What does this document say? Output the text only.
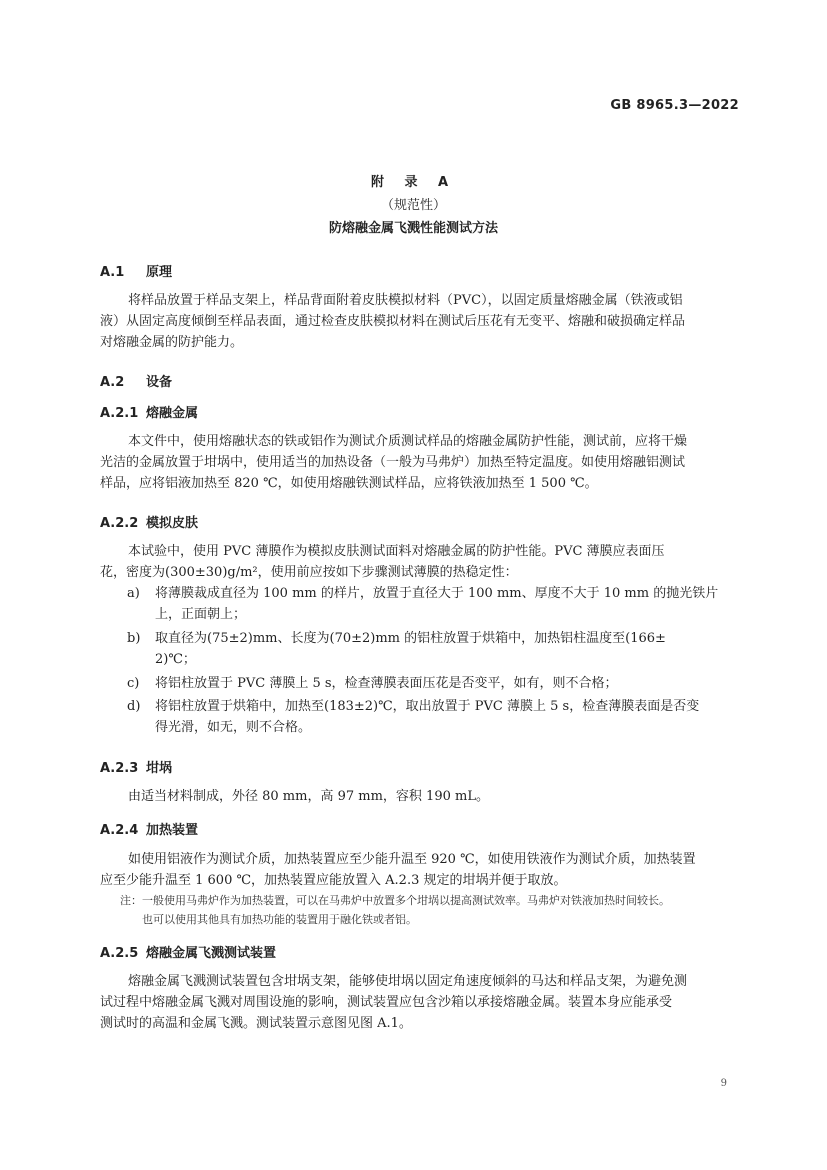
GB 8965.3—2022
附 录 A
（规范性）
防熔融金属飞溅性能测试方法
A.1 原理
将样品放置于样品支架上，样品背面附着皮肤模拟材料（PVC），以固定质量熔融金属（铁液或铝
液）从固定高度倾倒至样品表面，通过检查皮肤模拟材料在测试后压花有无变平、熔融和破损确定样品
对熔融金属的防护能力。
A.2 设备
A.2.1 熔融金属
本文件中，使用熔融状态的铁或铝作为测试介质测试样品的熔融金属防护性能，测试前，应将干燥
光洁的金属放置于坩埚中，使用适当的加热设备（一般为马弗炉）加热至特定温度。如使用熔融铝测试
样品，应将铝液加热至 820 ℃，如使用熔融铁测试样品，应将铁液加热至 1 500 ℃。
A.2.2 模拟皮肤
本试验中，使用 PVC 薄膜作为模拟皮肤测试面料对熔融金属的防护性能。PVC 薄膜应表面压
花，密度为(300±30)g/m²，使用前应按如下步骤测试薄膜的热稳定性：
a) 将薄膜裁成直径为 100 mm 的样片，放置于直径大于 100 mm、厚度不大于 10 mm 的抛光铁片
上，正面朝上；
b) 取直径为(75±2)mm、长度为(70±2)mm 的铝柱放置于烘箱中，加热铝柱温度至(166±
2)℃；
c) 将铝柱放置于 PVC 薄膜上 5 s，检查薄膜表面压花是否变平，如有，则不合格；
d) 将铝柱放置于烘箱中，加热至(183±2)℃，取出放置于 PVC 薄膜上 5 s，检查薄膜表面是否变
得光滑，如无，则不合格。
A.2.3 坩埚
由适当材料制成，外径 80 mm，高 97 mm，容积 190 mL。
A.2.4 加热装置
如使用铝液作为测试介质，加热装置应至少能升温至 920 ℃，如使用铁液作为测试介质，加热装置
应至少能升温至 1 600 ℃，加热装置应能放置入 A.2.3 规定的坩埚并便于取放。
注：一般使用马弗炉作为加热装置，可以在马弗炉中放置多个坩埚以提高测试效率。马弗炉对铁液加热时间较长。
也可以使用其他具有加热功能的装置用于融化铁或者铝。
A.2.5 熔融金属飞溅测试装置
熔融金属飞溅测试装置包含坩埚支架，能够使坩埚以固定角速度倾斜的马达和样品支架，为避免测
试过程中熔融金属飞溅对周围设施的影响，测试装置应包含沙箱以承接熔融金属。装置本身应能承受
测试时的高温和金属飞溅。测试装置示意图见图 A.1。
9
